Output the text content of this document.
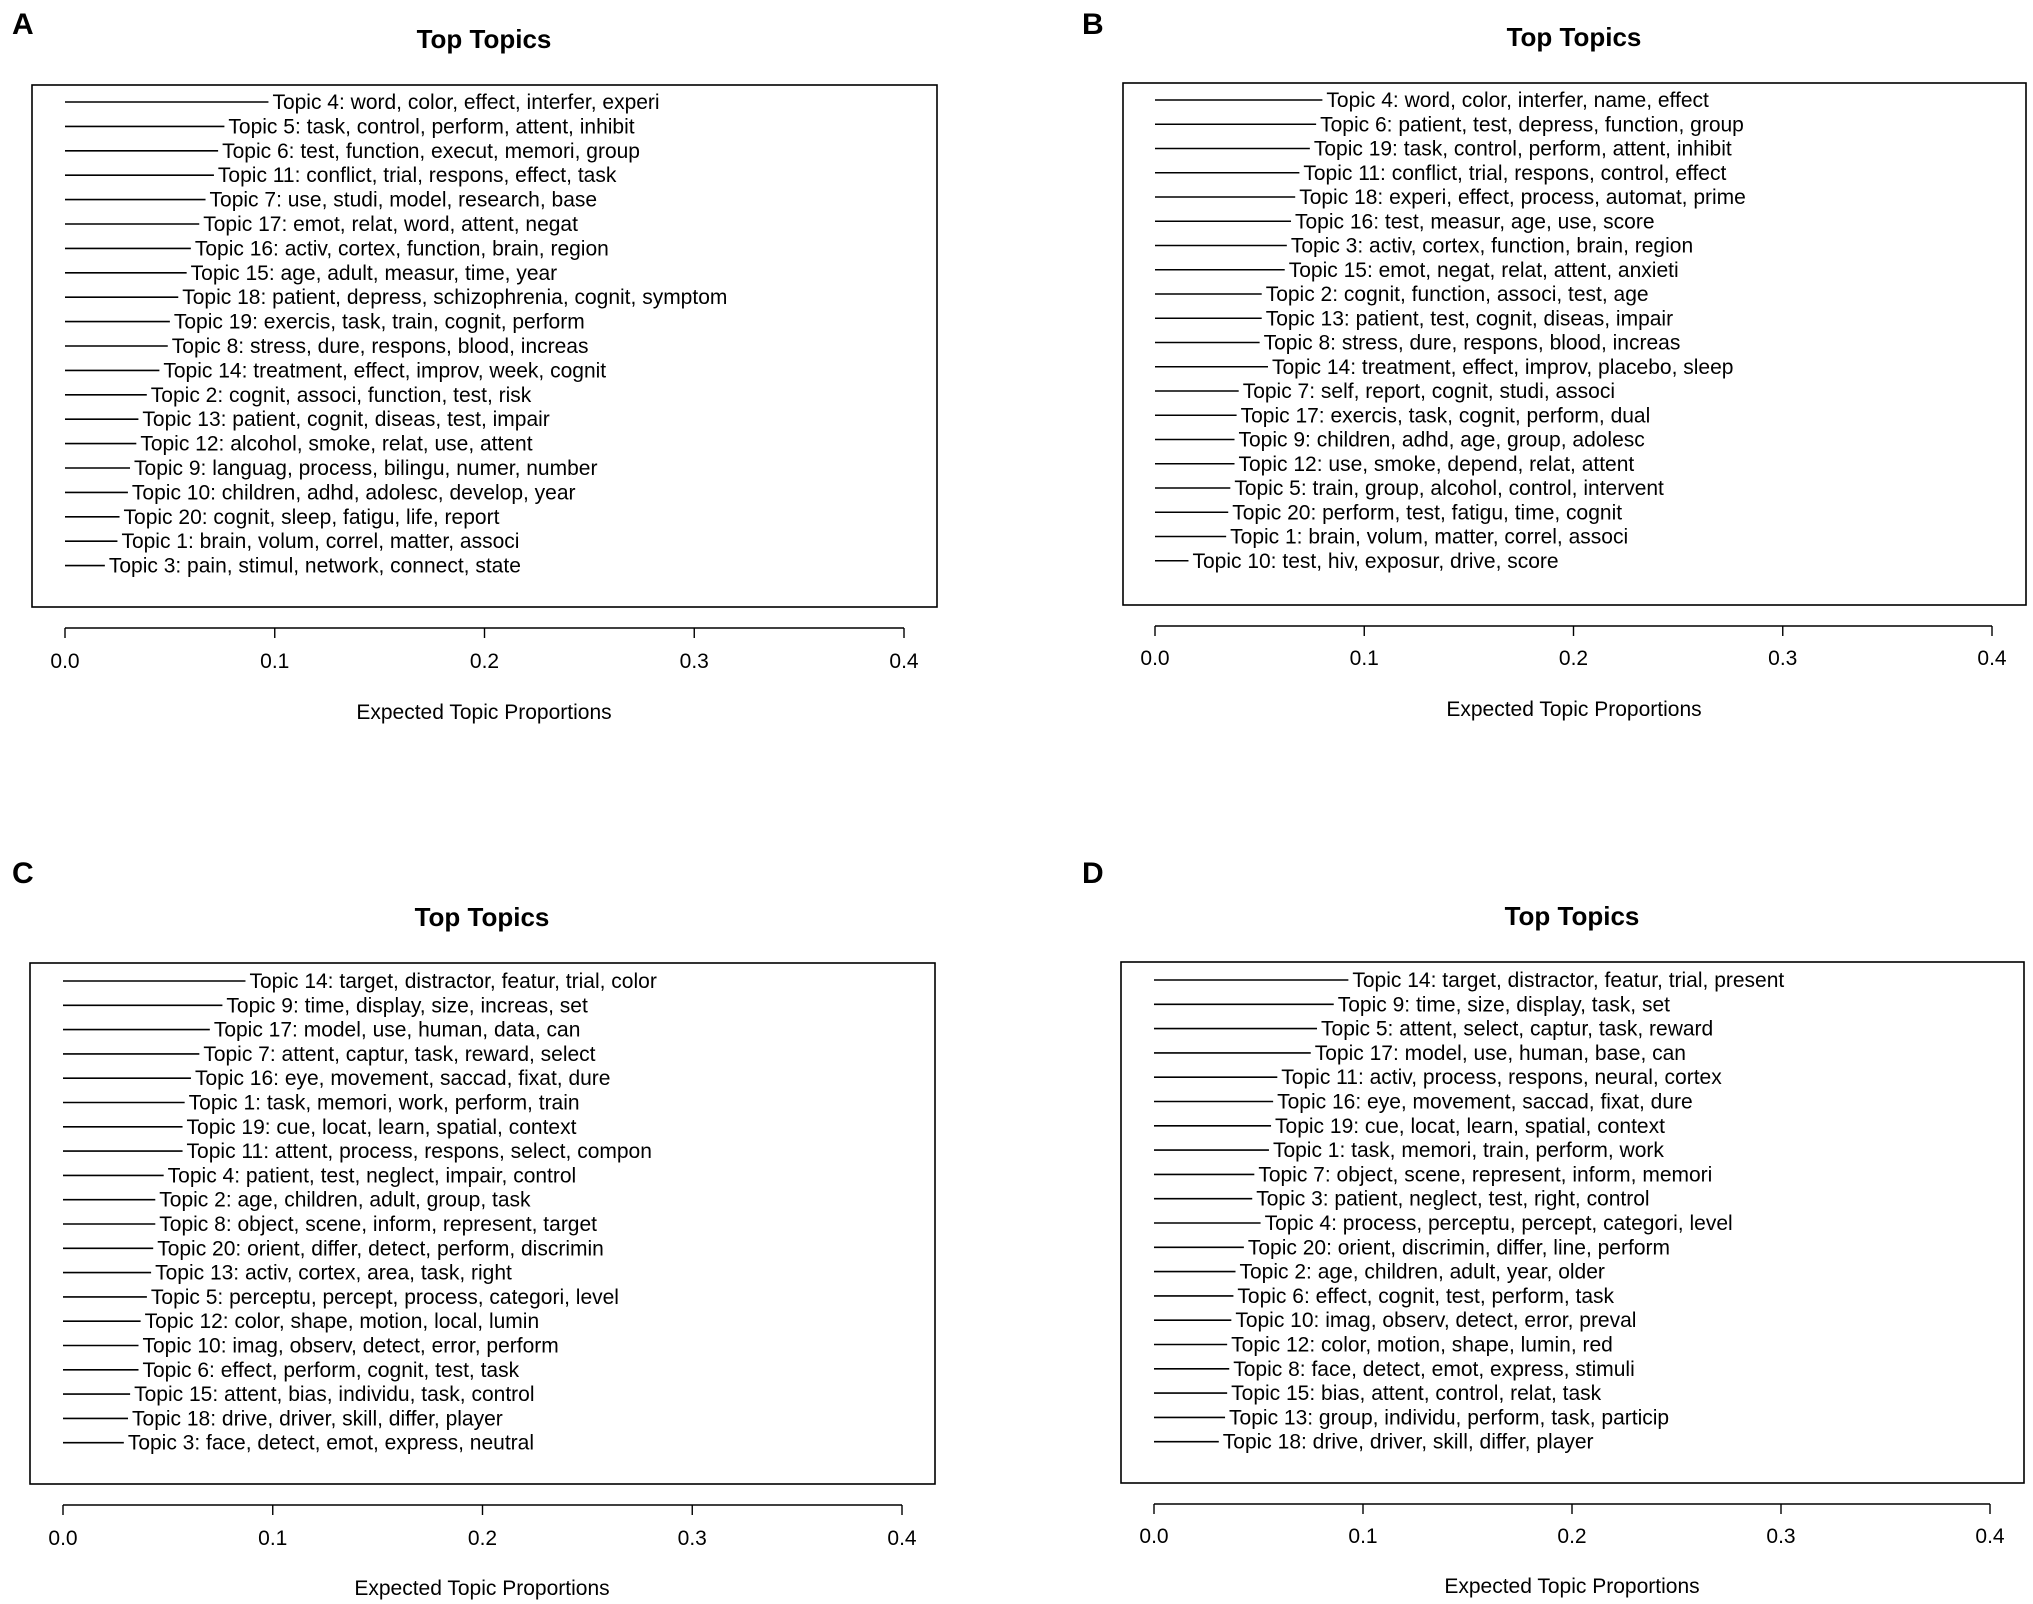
A	B
C	D
Top Topics
Topic 4: word, color, effect, interfer, experi
Topic 5: task, control, perform, attent, inhibit
Topic 6: test, function, execut, memori, group
Topic 11: conflict, trial, respons, effect, task
Topic 7: use, studi, model, research, base
Topic 17: emot, relat, word, attent, negat
Topic 16: activ, cortex, function, brain, region
Topic 15: age, adult, measur, time, year
Topic 18: patient, depress, schizophrenia, cognit, symptom
Topic 19: exercis, task, train, cognit, perform
Topic 8: stress, dure, respons, blood, increas
Topic 14: treatment, effect, improv, week, cognit
Topic 2: cognit, associ, function, test, risk
Topic 13: patient, cognit, diseas, test, impair
Topic 12: alcohol, smoke, relat, use, attent
Topic 9: languag, process, bilingu, numer, number
Topic 10: children, adhd, adolesc, develop, year
Topic 20: cognit, sleep, fatigu, life, report
Topic 1: brain, volum, correl, matter, associ
Topic 3: pain, stimul, network, connect, state
0.0	0.1	0.2	0.3	0.4
Expected Topic Proportions
Top Topics
Topic 4: word, color, interfer, name, effect
Topic 6: patient, test, depress, function, group
Topic 19: task, control, perform, attent, inhibit
Topic 11: conflict, trial, respons, control, effect
Topic 18: experi, effect, process, automat, prime
Topic 16: test, measur, age, use, score
Topic 3: activ, cortex, function, brain, region
Topic 15: emot, negat, relat, attent, anxieti
Topic 2: cognit, function, associ, test, age
Topic 13: patient, test, cognit, diseas, impair
Topic 8: stress, dure, respons, blood, increas
Topic 14: treatment, effect, improv, placebo, sleep
Topic 7: self, report, cognit, studi, associ
Topic 17: exercis, task, cognit, perform, dual
Topic 9: children, adhd, age, group, adolesc
Topic 12: use, smoke, depend, relat, attent
Topic 5: train, group, alcohol, control, intervent
Topic 20: perform, test, fatigu, time, cognit
Topic 1: brain, volum, matter, correl, associ
Topic 10: test, hiv, exposur, drive, score
0.0	0.1	0.2	0.3	0.4
Expected Topic Proportions
Top Topics
Topic 14: target, distractor, featur, trial, color
Topic 9: time, display, size, increas, set
Topic 17: model, use, human, data, can
Topic 7: attent, captur, task, reward, select
Topic 16: eye, movement, saccad, fixat, dure
Topic 1: task, memori, work, perform, train
Topic 19: cue, locat, learn, spatial, context
Topic 11: attent, process, respons, select, compon
Topic 4: patient, test, neglect, impair, control
Topic 2: age, children, adult, group, task
Topic 8: object, scene, inform, represent, target
Topic 20: orient, differ, detect, perform, discrimin
Topic 13: activ, cortex, area, task, right
Topic 5: perceptu, percept, process, categori, level
Topic 12: color, shape, motion, local, lumin
Topic 10: imag, observ, detect, error, perform
Topic 6: effect, perform, cognit, test, task
Topic 15: attent, bias, individu, task, control
Topic 18: drive, driver, skill, differ, player
Topic 3: face, detect, emot, express, neutral
0.0	0.1	0.2	0.3	0.4
Expected Topic Proportions
Top Topics
Topic 14: target, distractor, featur, trial, present
Topic 9: time, size, display, task, set
Topic 5: attent, select, captur, task, reward
Topic 17: model, use, human, base, can
Topic 11: activ, process, respons, neural, cortex
Topic 16: eye, movement, saccad, fixat, dure
Topic 19: cue, locat, learn, spatial, context
Topic 1: task, memori, train, perform, work
Topic 7: object, scene, represent, inform, memori
Topic 3: patient, neglect, test, right, control
Topic 4: process, perceptu, percept, categori, level
Topic 20: orient, discrimin, differ, line, perform
Topic 2: age, children, adult, year, older
Topic 6: effect, cognit, test, perform, task
Topic 10: imag, observ, detect, error, preval
Topic 12: color, motion, shape, lumin, red
Topic 8: face, detect, emot, express, stimuli
Topic 15: bias, attent, control, relat, task
Topic 13: group, individu, perform, task, particip
Topic 18: drive, driver, skill, differ, player
0.0	0.1	0.2	0.3	0.4
Expected Topic Proportions
